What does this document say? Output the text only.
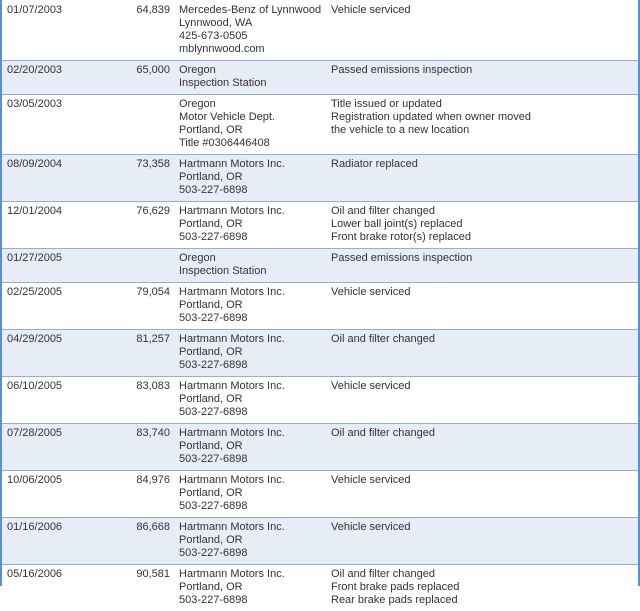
01/07/2003	64,839	Mercedes-Benz of Lynnwood
Lynnwood, WA
425-673-0505
mblynnwood.com	Vehicle serviced

02/20/2003	65,000	Oregon
Inspection Station	Passed emissions inspection

03/05/2003		Oregon
Motor Vehicle Dept.
Portland, OR
Title #0306446408	Title issued or updated
Registration updated when owner moved
the vehicle to a new location

08/09/2004	73,358	Hartmann Motors Inc.
Portland, OR
503-227-6898	Radiator replaced

12/01/2004	76,629	Hartmann Motors Inc.
Portland, OR
503-227-6898	Oil and filter changed
Lower ball joint(s) replaced
Front brake rotor(s) replaced

01/27/2005		Oregon
Inspection Station	Passed emissions inspection

02/25/2005	79,054	Hartmann Motors Inc.
Portland, OR
503-227-6898	Vehicle serviced

04/29/2005	81,257	Hartmann Motors Inc.
Portland, OR
503-227-6898	Oil and filter changed

06/10/2005	83,083	Hartmann Motors Inc.
Portland, OR
503-227-6898	Vehicle serviced

07/28/2005	83,740	Hartmann Motors Inc.
Portland, OR
503-227-6898	Oil and filter changed

10/06/2005	84,976	Hartmann Motors Inc.
Portland, OR
503-227-6898	Vehicle serviced

01/16/2006	86,668	Hartmann Motors Inc.
Portland, OR
503-227-6898	Vehicle serviced

05/16/2006	90,581	Hartmann Motors Inc.
Portland, OR
503-227-6898	Oil and filter changed
Front brake pads replaced
Rear brake pads replaced
